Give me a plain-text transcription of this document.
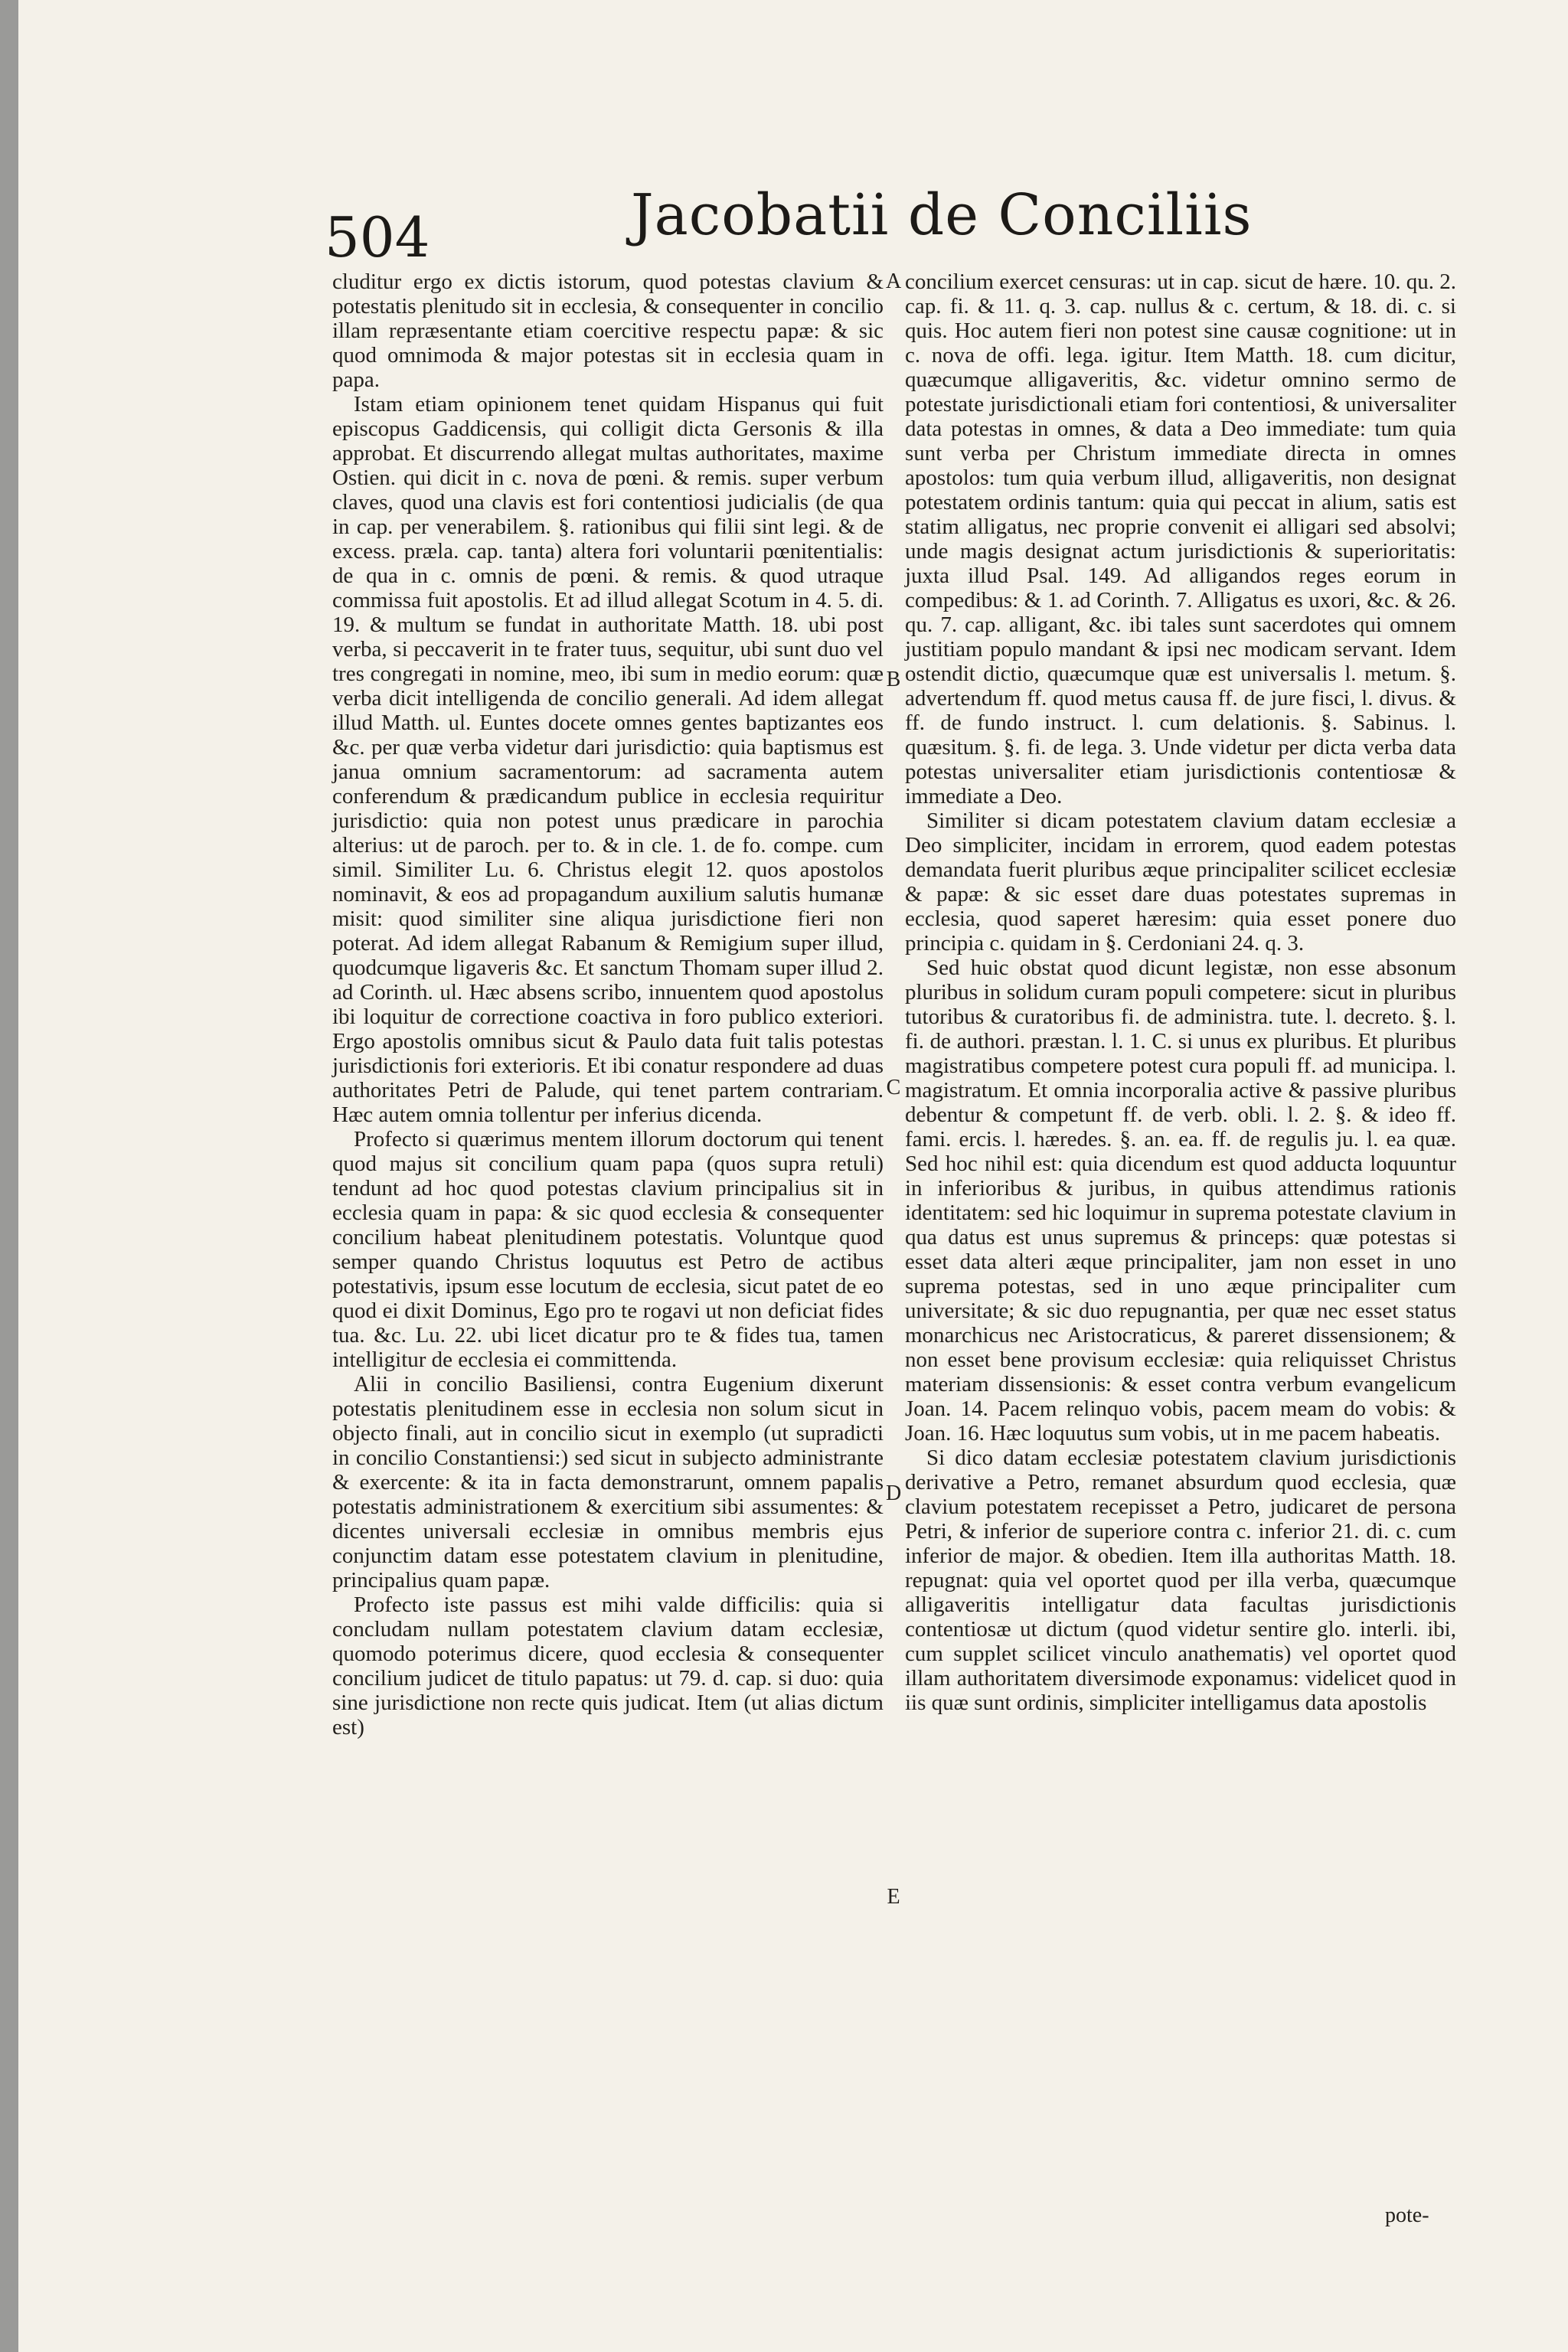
504	Jacobatii de Conciliis

cluditur ergo ex dictis istorum, quod potestas clavium & potestatis plenitudo sit in ecclesia, & consequenter in concilio illam repræsentante etiam coercitive respectu papæ: & sic quod omnimoda & major potestas sit in ecclesia quam in papa.

Istam etiam opinionem tenet quidam Hispanus qui fuit episcopus Gaddicensis, qui colligit dicta Gersonis & illa approbat. Et discurrendo allegat multas authoritates, maxime Ostien. qui dicit in c. nova de pœni. & remis. super verbum claves, quod una clavis est fori contentiosi judicialis (de qua in cap. per venerabilem. §. rationibus qui filii sint legi. & de excess. præla. cap. tanta) altera fori voluntarii pœnitentialis: de qua in c. omnis de pœni. & remis. & quod utraque commissa fuit apostolis. Et ad illud allegat Scotum in 4. 5. di. 19. & multum se fundat in authoritate Matth. 18. ubi post verba, si peccaverit in te frater tuus, sequitur, ubi sunt duo vel tres congregati in nomine, meo, ibi sum in medio eorum: quæ verba dicit intelligenda de concilio generali. Ad idem allegat illud Matth. ul. Euntes docete omnes gentes baptizantes eos &c. per quæ verba videtur dari jurisdictio: quia baptismus est janua omnium sacramentorum: ad sacramenta autem conferendum & prædicandum publice in ecclesia requiritur jurisdictio: quia non potest unus prædicare in parochia alterius: ut de paroch. per to. & in cle. 1. de fo. compe. cum simil. Similiter Lu. 6. Christus elegit 12. quos apostolos nominavit, & eos ad propagandum auxilium salutis humanæ misit: quod similiter sine aliqua jurisdictione fieri non poterat. Ad idem allegat Rabanum & Remigium super illud, quodcumque ligaveris &c. Et sanctum Thomam super illud 2. ad Corinth. ul. Hæc absens scribo, innuentem quod apostolus ibi loquitur de correctione coactiva in foro publico exteriori. Ergo apostolis omnibus sicut & Paulo data fuit talis potestas jurisdictionis fori exterioris. Et ibi conatur respondere ad duas authoritates Petri de Palude, qui tenet partem contrariam. Hæc autem omnia tollentur per inferius dicenda.

Profecto si quærimus mentem illorum doctorum qui tenent quod majus sit concilium quam papa (quos supra retuli) tendunt ad hoc quod potestas clavium principalius sit in ecclesia quam in papa: & sic quod ecclesia & consequenter concilium habeat plenitudinem potestatis. Voluntque quod semper quando Christus loquutus est Petro de actibus potestativis, ipsum esse locutum de ecclesia, sicut patet de eo quod ei dixit Dominus, Ego pro te rogavi ut non deficiat fides tua. &c. Lu. 22. ubi licet dicatur pro te & fides tua, tamen intelligitur de ecclesia ei committenda.

Alii in concilio Basiliensi, contra Eugenium dixerunt potestatis plenitudinem esse in ecclesia non solum sicut in objecto finali, aut in concilio sicut in exemplo (ut supradicti in concilio Constantiensi:) sed sicut in subjecto administrante & exercente: & ita in facta demonstrarunt, omnem papalis potestatis administrationem & exercitium sibi assumentes: & dicentes universali ecclesiæ in omnibus membris ejus conjunctim datam esse potestatem clavium in plenitudine, principalius quam papæ.

Profecto iste passus est mihi valde difficilis: quia si concludam nullam potestatem clavium datam ecclesiæ, quomodo poterimus dicere, quod ecclesia & consequenter concilium judicet de titulo papatus: ut 79. d. cap. si duo: quia sine jurisdictione non recte quis judicat. Item (ut alias dictum est)

A
B
C
D
E

concilium exercet censuras: ut in cap. sicut de hære. 10. qu. 2. cap. fi. & 11. q. 3. cap. nullus & c. certum, & 18. di. c. si quis. Hoc autem fieri non potest sine causæ cognitione: ut in c. nova de offi. lega. igitur. Item Matth. 18. cum dicitur, quæcumque alligaveritis, &c. videtur omnino sermo de potestate jurisdictionali etiam fori contentiosi, & universaliter data potestas in omnes, & data a Deo immediate: tum quia sunt verba per Christum immediate directa in omnes apostolos: tum quia verbum illud, alligaveritis, non designat potestatem ordinis tantum: quia qui peccat in alium, satis est statim alligatus, nec proprie convenit ei alligari sed absolvi; unde magis designat actum jurisdictionis & superioritatis: juxta illud Psal. 149. Ad alligandos reges eorum in compedibus: & 1. ad Corinth. 7. Alligatus es uxori, &c. & 26. qu. 7. cap. alligant, &c. ibi tales sunt sacerdotes qui omnem justitiam populo mandant & ipsi nec modicam servant. Idem ostendit dictio, quæcumque quæ est universalis l. metum. §. advertendum ff. quod metus causa ff. de jure fisci, l. divus. & ff. de fundo instruct. l. cum delationis. §. Sabinus. l. quæsitum. §. fi. de lega. 3. Unde videtur per dicta verba data potestas universaliter etiam jurisdictionis contentiosæ & immediate a Deo.

Similiter si dicam potestatem clavium datam ecclesiæ a Deo simpliciter, incidam in errorem, quod eadem potestas demandata fuerit pluribus æque principaliter scilicet ecclesiæ & papæ: & sic esset dare duas potestates supremas in ecclesia, quod saperet hæresim: quia esset ponere duo principia c. quidam in §. Cerdoniani 24. q. 3.

Sed huic obstat quod dicunt legistæ, non esse absonum pluribus in solidum curam populi competere: sicut in pluribus tutoribus & curatoribus fi. de administra. tute. l. decreto. §. l. fi. de authori. præstan. l. 1. C. si unus ex pluribus. Et pluribus magistratibus competere potest cura populi ff. ad municipa. l. magistratum. Et omnia incorporalia active & passive pluribus debentur & competunt ff. de verb. obli. l. 2. §. & ideo ff. fami. ercis. l. hæredes. §. an. ea. ff. de regulis ju. l. ea quæ. Sed hoc nihil est: quia dicendum est quod adducta loquuntur in inferioribus & juribus, in quibus attendimus rationis identitatem: sed hic loquimur in suprema potestate clavium in qua datus est unus supremus & princeps: quæ potestas si esset data alteri æque principaliter, jam non esset in uno suprema potestas, sed in uno æque principaliter cum universitate; & sic duo repugnantia, per quæ nec esset status monarchicus nec Aristocraticus, & pareret dissensionem; & non esset bene provisum ecclesiæ: quia reliquisset Christus materiam dissensionis: & esset contra verbum evangelicum Joan. 14. Pacem relinquo vobis, pacem meam do vobis: & Joan. 16. Hæc loquutus sum vobis, ut in me pacem habeatis.

Si dico datam ecclesiæ potestatem clavium jurisdictionis derivative a Petro, remanet absurdum quod ecclesia, quæ clavium potestatem recepisset a Petro, judicaret de persona Petri, & inferior de superiore contra c. inferior 21. di. c. cum inferior de major. & obedien. Item illa authoritas Matth. 18. repugnat: quia vel oportet quod per illa verba, quæcumque alligaveritis intelligatur data facultas jurisdictionis contentiosæ ut dictum (quod videtur sentire glo. interli. ibi, cum supplet scilicet vinculo anathematis) vel oportet quod illam authoritatem diversimode exponamus: videlicet quod in iis quæ sunt ordinis, simpliciter intelligamus data apostolis

pote-
